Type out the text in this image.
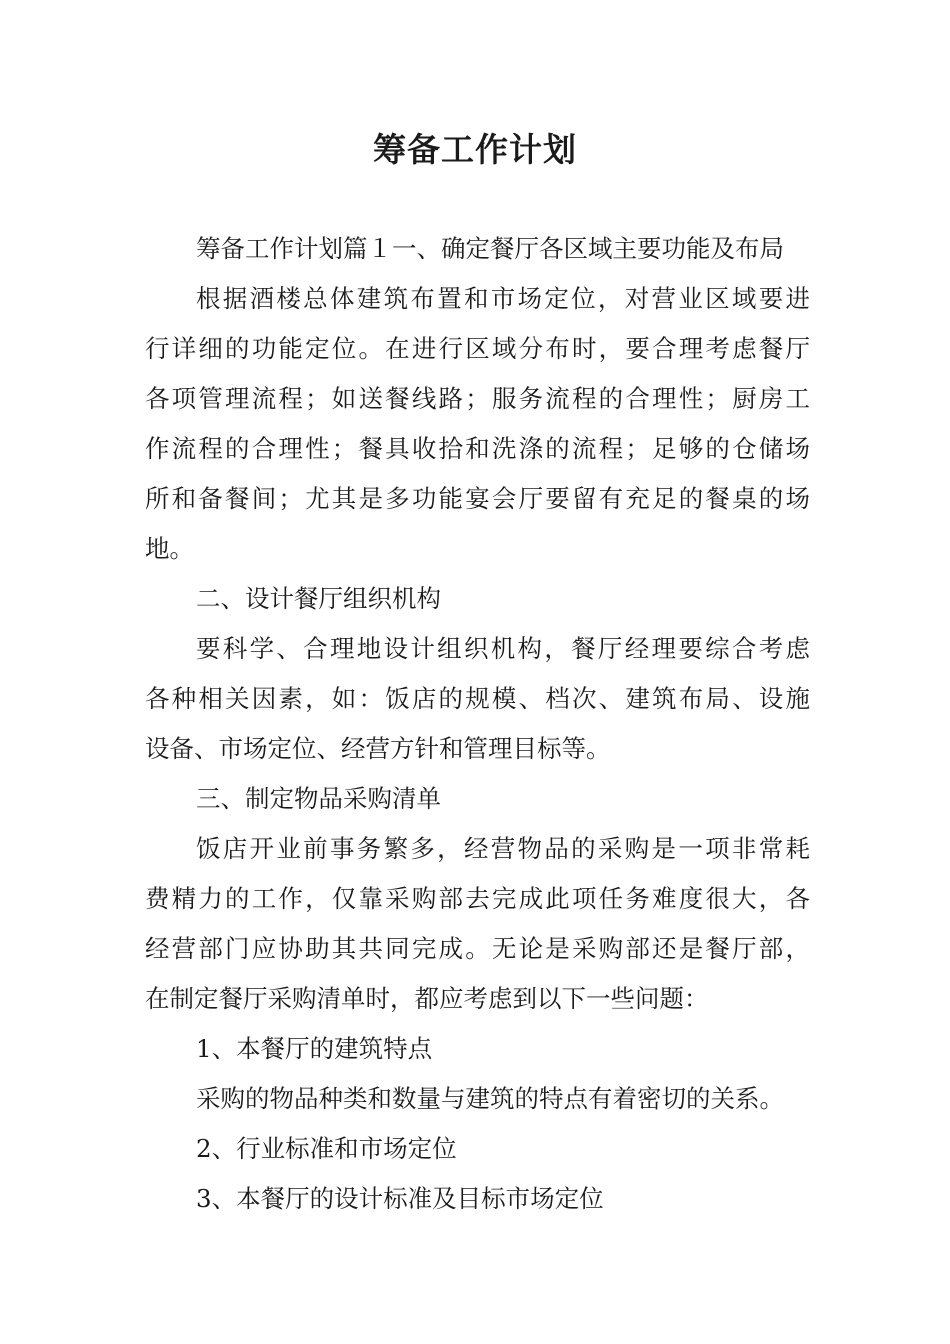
筹备工作计划
筹备工作计划篇１一、确定餐厅各区域主要功能及布局
根据酒楼总体建筑布置和市场定位，对营业区域要进
行详细的功能定位。在进行区域分布时，要合理考虑餐厅
各项管理流程；如送餐线路；服务流程的合理性；厨房工
作流程的合理性；餐具收拾和洗涤的流程；足够的仓储场
所和备餐间；尤其是多功能宴会厅要留有充足的餐桌的场
地。
二、设计餐厅组织机构
要科学、合理地设计组织机构，餐厅经理要综合考虑
各种相关因素，如：饭店的规模、档次、建筑布局、设施
设备、市场定位、经营方针和管理目标等。
三、制定物品采购清单
饭店开业前事务繁多，经营物品的采购是一项非常耗
费精力的工作，仅靠采购部去完成此项任务难度很大，各
经营部门应协助其共同完成。无论是采购部还是餐厅部，
在制定餐厅采购清单时，都应考虑到以下一些问题：
1、本餐厅的建筑特点
采购的物品种类和数量与建筑的特点有着密切的关系。
2、行业标准和市场定位
3、本餐厅的设计标准及目标市场定位
